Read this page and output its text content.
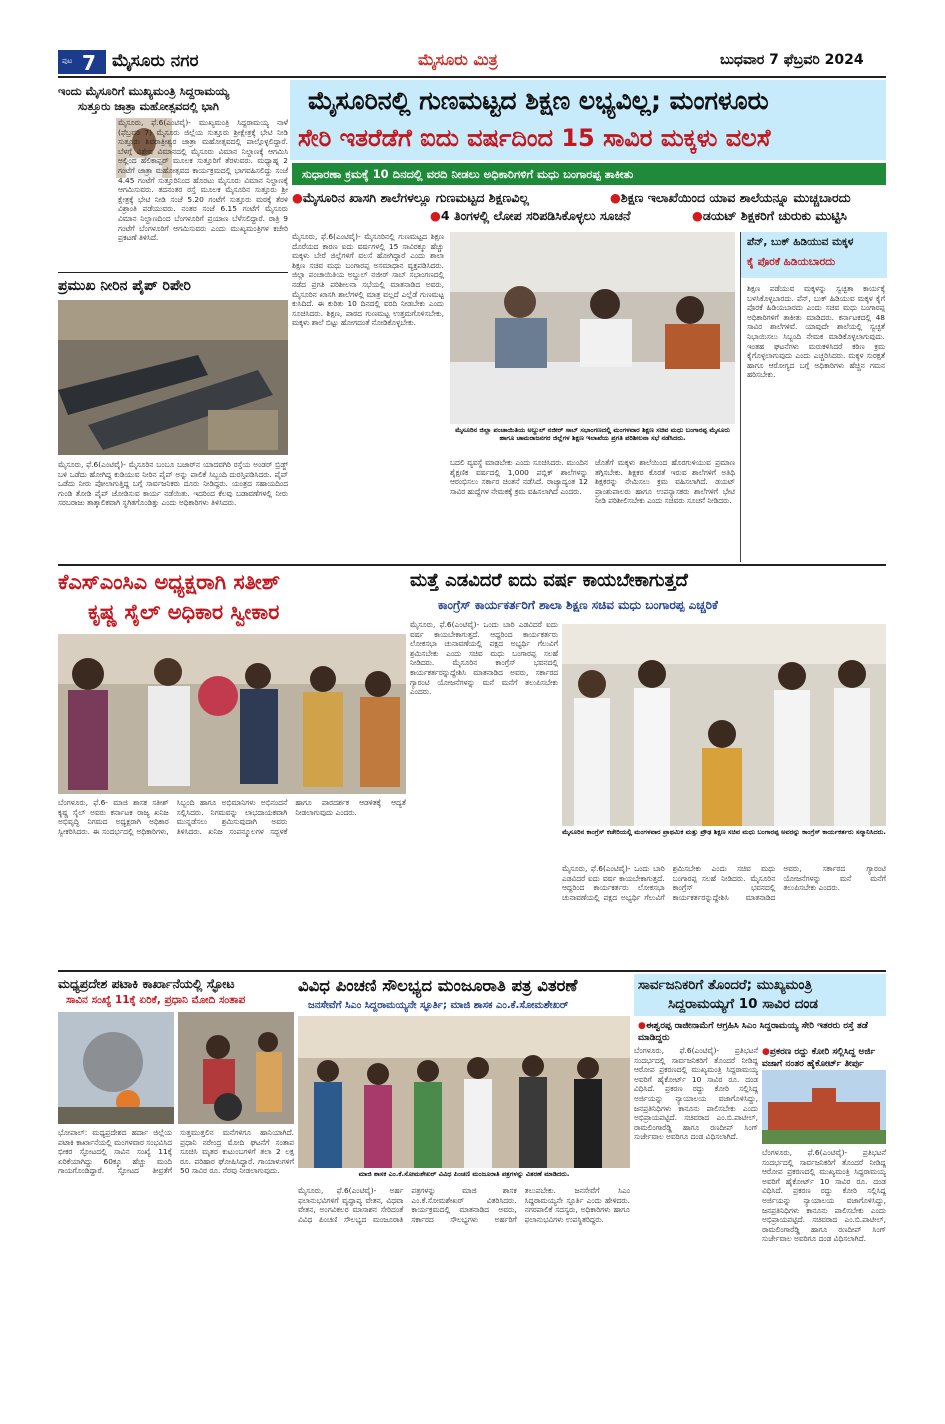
ಪುಟ 7 ಮೈಸೂರು ನಗರ	ಮೈಸೂರು ಮಿತ್ರ	ಬುಧವಾರ 7 ಫೆಬ್ರವರಿ 2024
ಇಂದು ಮೈಸೂರಿಗೆ ಮುಖ್ಯಮಂತ್ರಿ ಸಿದ್ದರಾಮಯ್ಯ
ಸುತ್ತೂರು ಜಾತ್ರಾ ಮಹೋತ್ಸವದಲ್ಲಿ ಭಾಗಿ
ಮೈಸೂರು, ಫೆ.6(ಎಂಟಿವೈ)- ಮುಖ್ಯಮಂತ್ರಿ ಸಿದ್ದರಾಮಯ್ಯ ನಾಳೆ (ಫೆಬ್ರವರಿ 7) ಮೈಸೂರು ಜಿಲ್ಲೆಯ ಸುತ್ತೂರು ಶ್ರೀಕ್ಷೇತ್ರಕ್ಕೆ ಭೇಟಿ ನೀಡಿ ಸುತ್ತೂರು ಶಿವರಾತ್ರೀಶ್ವರ ಜಾತ್ರಾ ಮಹೋತ್ಸವದಲ್ಲಿ ಪಾಲ್ಗೊಳ್ಳಲಿದ್ದಾರೆ. ಬೆಳಗ್ಗೆ ವಿಶೇಷ ವಿಮಾನದಲ್ಲಿ ಮೈಸೂರು ವಿಮಾನ ನಿಲ್ದಾಣಕ್ಕೆ ಆಗಮಿಸಿ ಅಲ್ಲಿಂದ ಹೆಲಿಕಾಪ್ಟರ್ ಮೂಲಕ ಸುತ್ತೂರಿಗೆ ತೆರಳುವರು. ಮಧ್ಯಾಹ್ನ 2 ಗಂಟೆಗೆ ಜಾತ್ರಾ ಮಹೋತ್ಸವದ ಕಾರ್ಯಕ್ರಮದಲ್ಲಿ ಭಾಗವಹಿಸಲಿದ್ದು ಸಂಜೆ 4.45 ಗಂಟೆಗೆ ಸುತ್ತೂರಿನಿಂದ ಹೊರಟು ಮೈಸೂರು ವಿಮಾನ ನಿಲ್ದಾಣಕ್ಕೆ ಆಗಮಿಸುವರು. ತದನಂತರ ರಸ್ತೆ ಮೂಲಕ ಮೈಸೂರಿನ ಸುತ್ತೂರು ಶ್ರೀ ಕ್ಷೇತ್ರಕ್ಕೆ ಭೇಟಿ ನೀಡಿ ಸಂಜೆ 5.20 ಗಂಟೆಗೆ ಸುತ್ತೂರು ಮಠಕ್ಕೆ ತೆರಳಿ ವಿಶ್ರಾಂತಿ ಪಡೆಯುವರು. ನಂತರ ಸಂಜೆ 6.15 ಗಂಟೆಗೆ ಮೈಸೂರು ವಿಮಾನ ನಿಲ್ದಾಣದಿಂದ ಬೆಂಗಳೂರಿಗೆ ಪ್ರಯಾಣ ಬೆಳೆಸಲಿದ್ದಾರೆ. ರಾತ್ರಿ 9 ಗಂಟೆಗೆ ಬೆಂಗಳೂರಿಗೆ ಆಗಮಿಸುವರು ಎಂದು ಮುಖ್ಯಮಂತ್ರಿಗಳ ಕಚೇರಿ ಪ್ರಕಟಣೆ ತಿಳಿಸಿದೆ.
ಪ್ರಮುಖ ನೀರಿನ ಪೈಪ್ ರಿಪೇರಿ
ಮೈಸೂರು, ಫೆ.6(ಎಂಟಿವೈ)- ಮೈಸೂರಿನ ಬಂಬೂ ಬಜಾರ್‌ನ ಯಾದವಗಿರಿ ರಸ್ತೆಯ ಅಂಡರ್ ಬ್ರಿಡ್ಜ್ ಬಳಿ ಒಡೆದು ಹೋಗಿದ್ದ ಕುಡಿಯುವ ನೀರಿನ ಪೈಪ್ ಅನ್ನು ಪಾಲಿಕೆ ಸಿಬ್ಬಂದಿ ದುರಸ್ತಿಪಡಿಸಿದರು. ಪೈಪ್ ಒಡೆದು ನೀರು ಪೋಲಾಗುತ್ತಿದ್ದ ಬಗ್ಗೆ ಸಾರ್ವಜನಿಕರು ದೂರು ನೀಡಿದ್ದರು. ಯಂತ್ರದ ಸಹಾಯದಿಂದ ಗುಂಡಿ ತೋಡಿ ಪೈಪ್ ಜೋಡಿಸುವ ಕಾರ್ಯ ನಡೆಯಿತು. ಇದರಿಂದ ಕೆಲವು ಬಡಾವಣೆಗಳಲ್ಲಿ ನೀರು ಸರಬರಾಜು ತಾತ್ಕಾಲಿಕವಾಗಿ ಸ್ಥಗಿತಗೊಂಡಿತ್ತು ಎಂದು ಅಧಿಕಾರಿಗಳು ತಿಳಿಸಿದರು.
ಮೈಸೂರಿನಲ್ಲಿ ಗುಣಮಟ್ಟದ ಶಿಕ್ಷಣ ಲಭ್ಯವಿಲ್ಲ; ಮಂಗಳೂರು
ಸೇರಿ ಇತರೆಡೆಗೆ ಐದು ವರ್ಷದಿಂದ 15 ಸಾವಿರ ಮಕ್ಕಳು ವಲಸೆ
ಸುಧಾರಣಾ ಕ್ರಮಕ್ಕೆ 10 ದಿನದಲ್ಲಿ ವರದಿ ನೀಡಲು ಅಧಿಕಾರಿಗಳಿಗೆ ಮಧು ಬಂಗಾರಪ್ಪ ತಾಕೀತು
●ಮೈಸೂರಿನ ಖಾಸಗಿ ಶಾಲೆಗಳಲ್ಲೂ ಗುಣಮಟ್ಟದ ಶಿಕ್ಷಣವಿಲ್ಲ	●ಶಿಕ್ಷಣ ಇಲಾಖೆಯಿಂದ ಯಾವ ಶಾಲೆಯನ್ನೂ ಮುಚ್ಚಬಾರದು
●4 ತಿಂಗಳಲ್ಲಿ ಲೋಪ ಸರಿಪಡಿಸಿಕೊಳ್ಳಲು ಸೂಚನೆ	●ಡಯಟ್ ಶಿಕ್ಷಕರಿಗೆ ಚುರುಕು ಮುಟ್ಟಿಸಿ
ಮೈಸೂರು, ಫೆ.6(ಎಂಟಿವೈ)- ಮೈಸೂರಿನಲ್ಲಿ ಗುಣಮಟ್ಟದ ಶಿಕ್ಷಣ ದೊರೆಯದ ಕಾರಣ ಐದು ವರ್ಷಗಳಲ್ಲಿ 15 ಸಾವಿರಕ್ಕೂ ಹೆಚ್ಚು ಮಕ್ಕಳು ಬೇರೆ ಜಿಲ್ಲೆಗಳಿಗೆ ವಲಸೆ ಹೋಗಿದ್ದಾರೆ ಎಂದು ಶಾಲಾ ಶಿಕ್ಷಣ ಸಚಿವ ಮಧು ಬಂಗಾರಪ್ಪ ಅಸಮಾಧಾನ ವ್ಯಕ್ತಪಡಿಸಿದರು. ಜಿಲ್ಲಾ ಪಂಚಾಯಿತಿಯ ಅಬ್ದುಲ್ ನಜೀರ್ ಸಾಬ್ ಸಭಾಂಗಣದಲ್ಲಿ ನಡೆದ ಪ್ರಗತಿ ಪರಿಶೀಲನಾ ಸಭೆಯಲ್ಲಿ ಮಾತನಾಡಿದ ಅವರು, ಮೈಸೂರಿನ ಖಾಸಗಿ ಶಾಲೆಗಳಲ್ಲಿ ಮಾತ್ರ ವಲ್ಲದೆ ಎಲ್ಲೆಡೆ ಗುಣಮಟ್ಟ ಕುಸಿದಿದೆ. ಈ ಕುರಿತು 10 ದಿನದಲ್ಲಿ ವರದಿ ನೀಡಬೇಕು ಎಂದು ಸೂಚಿಸಿದರು. ಶಿಕ್ಷಣ, ಪಾಠದ ಗುಣಮಟ್ಟ ಉತ್ತಮಗೊಳಿಸಬೇಕು, ಮಕ್ಕಳು ಶಾಲೆ ಬಿಟ್ಟು ಹೋಗದಂತೆ ನೋಡಿಕೊಳ್ಳಬೇಕು.
ಮೈಸೂರಿನ ಜಿಲ್ಲಾ ಪಂಚಾಯಿತಿಯ ಅಬ್ದುಲ್ ನಜೀರ್ ಸಾಬ್ ಸಭಾಂಗಣದಲ್ಲಿ ಮಂಗಳವಾರ ಶಿಕ್ಷಣ ಸಚಿವ ಮಧು ಬಂಗಾರಪ್ಪ ಮೈಸೂರು ಹಾಗೂ ಚಾಮರಾಜನಗರ ಜಿಲ್ಲೆಗಳ ಶಿಕ್ಷಣ ಇಲಾಖೆಯ ಪ್ರಗತಿ ಪರಿಶೀಲನಾ ಸಭೆ ನಡೆಸಿದರು.
ಬದಲಿ ವ್ಯವಸ್ಥೆ ಮಾಡಬೇಕು ಎಂದು ಸೂಚಿಸಿದರು. ಮುಂದಿನ ಶೈಕ್ಷಣಿಕ ವರ್ಷದಲ್ಲಿ 1,000 ಪಬ್ಲಿಕ್ ಶಾಲೆಗಳನ್ನು ಆರಂಭಿಸಲು ಸರ್ಕಾರ ಚಿಂತನೆ ನಡೆಸಿದೆ. ರಾಜ್ಯಾದ್ಯಂತ 12 ಸಾವಿರ ಹುದ್ದೆಗಳ ನೇಮಕಕ್ಕೆ ಕ್ರಮ ವಹಿಸಲಾಗಿದೆ ಎಂದರು.
ಜೊತೆಗೆ ಮಕ್ಕಳು ಶಾಲೆಯಿಂದ ಹೊರಗುಳಿಯುವ ಪ್ರಮಾಣ ತಗ್ಗಿಸಬೇಕು. ಶಿಕ್ಷಕರ ಕೊರತೆ ಇರುವ ಶಾಲೆಗಳಿಗೆ ಅತಿಥಿ ಶಿಕ್ಷಕರನ್ನು ನೇಮಿಸಲು ಕ್ರಮ ವಹಿಸಲಾಗಿದೆ. ಡಯಟ್ ಪ್ರಾಂಶುಪಾಲರು ಹಾಗೂ ಉಪನ್ಯಾಸಕರು ಶಾಲೆಗಳಿಗೆ ಭೇಟಿ ನೀಡಿ ಪರಿಶೀಲಿಸಬೇಕು ಎಂದು ಸಚಿವರು ಸೂಚನೆ ನೀಡಿದರು.
ಪೆನ್, ಬುಕ್ ಹಿಡಿಯುವ ಮಕ್ಕಳ
ಕೈ ಪೊರಕೆ ಹಿಡಿಯಬಾರದು
ಶಿಕ್ಷಣ ಪಡೆಯುವ ಮಕ್ಕಳನ್ನು ಸ್ವಚ್ಛತಾ ಕಾರ್ಯಕ್ಕೆ ಬಳಸಿಕೊಳ್ಳಬಾರದು. ಪೆನ್, ಬುಕ್ ಹಿಡಿಯುವ ಮಕ್ಕಳ ಕೈಗೆ ಪೊರಕೆ ಹಿಡಿಯಬಾರದು ಎಂದು ಸಚಿವ ಮಧು ಬಂಗಾರಪ್ಪ ಅಧಿಕಾರಿಗಳಿಗೆ ತಾಕೀತು ಮಾಡಿದರು. ಕರ್ನಾಟಕದಲ್ಲಿ 48 ಸಾವಿರ ಶಾಲೆಗಳಿವೆ. ಯಾವುದೇ ಶಾಲೆಯಲ್ಲಿ ಸ್ವಚ್ಛತೆ ನಿಭಾಯಿಸಲು ಸಿಬ್ಬಂದಿ ನೇಮಕ ಮಾಡಿಕೊಳ್ಳಲಾಗುವುದು. ಇಂತಹ ಘಟನೆಗಳು ಮರುಕಳಿಸಿದರೆ ಕಠಿಣ ಕ್ರಮ ಕೈಗೊಳ್ಳಲಾಗುವುದು ಎಂದು ಎಚ್ಚರಿಸಿದರು. ಮಕ್ಕಳ ಸುರಕ್ಷತೆ ಹಾಗೂ ಆರೋಗ್ಯದ ಬಗ್ಗೆ ಅಧಿಕಾರಿಗಳು ಹೆಚ್ಚಿನ ಗಮನ ಹರಿಸಬೇಕು.
ಕೆಎಸ್‌ಎಂಸಿಎ ಅಧ್ಯಕ್ಷರಾಗಿ ಸತೀಶ್
ಕೃಷ್ಣ ಸೈಲ್ ಅಧಿಕಾರ ಸ್ವೀಕಾರ
ಬೆಂಗಳೂರು, ಫೆ.6- ಮಾಜಿ ಶಾಸಕ ಸತೀಶ್ ಕೃಷ್ಣ ಸೈಲ್ ಅವರು ಕರ್ನಾಟಕ ರಾಜ್ಯ ಖನಿಜ ಅಭಿವೃದ್ಧಿ ನಿಗಮದ ಅಧ್ಯಕ್ಷರಾಗಿ ಅಧಿಕಾರ ಸ್ವೀಕರಿಸಿದರು. ಈ ಸಂದರ್ಭದಲ್ಲಿ ಅಧಿಕಾರಿಗಳು, ಸಿಬ್ಬಂದಿ ಹಾಗೂ ಅಭಿಮಾನಿಗಳು ಅಭಿನಂದನೆ ಸಲ್ಲಿಸಿದರು. ನಿಗಮವನ್ನು ಲಾಭದಾಯಕವಾಗಿ ಮುನ್ನಡೆಸಲು ಶ್ರಮಿಸುವುದಾಗಿ ಅವರು ತಿಳಿಸಿದರು. ಖನಿಜ ಸಂಪನ್ಮೂಲಗಳ ಸದ್ಬಳಕೆ ಹಾಗೂ ಪಾರದರ್ಶಕ ಆಡಳಿತಕ್ಕೆ ಆದ್ಯತೆ ನೀಡಲಾಗುವುದು ಎಂದರು.
ಮತ್ತೆ ಎಡವಿದರೆ ಐದು ವರ್ಷ ಕಾಯಬೇಕಾಗುತ್ತದೆ
ಕಾಂಗ್ರೆಸ್ ಕಾರ್ಯಕರ್ತರಿಗೆ ಶಾಲಾ ಶಿಕ್ಷಣ ಸಚಿವ ಮಧು ಬಂಗಾರಪ್ಪ ಎಚ್ಚರಿಕೆ
ಮೈಸೂರು, ಫೆ.6(ಎಂಟಿವೈ)- ಒಂದು ಬಾರಿ ಎಡವಿದರೆ ಐದು ವರ್ಷ ಕಾಯಬೇಕಾಗುತ್ತದೆ. ಆದ್ದರಿಂದ ಕಾರ್ಯಕರ್ತರು ಲೋಕಸಭಾ ಚುನಾವಣೆಯಲ್ಲಿ ಪಕ್ಷದ ಅಭ್ಯರ್ಥಿ ಗೆಲುವಿಗೆ ಶ್ರಮಿಸಬೇಕು ಎಂದು ಸಚಿವ ಮಧು ಬಂಗಾರಪ್ಪ ಸಲಹೆ ನೀಡಿದರು. ಮೈಸೂರಿನ ಕಾಂಗ್ರೆಸ್ ಭವನದಲ್ಲಿ ಕಾರ್ಯಕರ್ತರನ್ನುದ್ದೇಶಿಸಿ ಮಾತನಾಡಿದ ಅವರು, ಸರ್ಕಾರದ ಗ್ಯಾರಂಟಿ ಯೋಜನೆಗಳನ್ನು ಮನೆ ಮನೆಗೆ ತಲುಪಿಸಬೇಕು ಎಂದರು.
ಮೈಸೂರಿನ ಕಾಂಗ್ರೆಸ್ ಕಚೇರಿಯಲ್ಲಿ ಮಂಗಳವಾರ ಪ್ರಾಥಮಿಕ ಮತ್ತು ಪ್ರೌಢ ಶಿಕ್ಷಣ ಸಚಿವ ಮಧು ಬಂಗಾರಪ್ಪ ಅವರನ್ನು ಕಾಂಗ್ರೆಸ್ ಕಾರ್ಯಕರ್ತರು ಸನ್ಮಾನಿಸಿದರು.
ಮೈಸೂರು, ಫೆ.6(ಎಂಟಿವೈ)- ಒಂದು ಬಾರಿ ಎಡವಿದರೆ ಐದು ವರ್ಷ ಕಾಯಬೇಕಾಗುತ್ತದೆ. ಆದ್ದರಿಂದ ಕಾರ್ಯಕರ್ತರು ಲೋಕಸಭಾ ಚುನಾವಣೆಯಲ್ಲಿ ಪಕ್ಷದ ಅಭ್ಯರ್ಥಿ ಗೆಲುವಿಗೆ ಶ್ರಮಿಸಬೇಕು ಎಂದು ಸಚಿವ ಮಧು ಬಂಗಾರಪ್ಪ ಸಲಹೆ ನೀಡಿದರು. ಮೈಸೂರಿನ ಕಾಂಗ್ರೆಸ್ ಭವನದಲ್ಲಿ ಕಾರ್ಯಕರ್ತರನ್ನುದ್ದೇಶಿಸಿ ಮಾತನಾಡಿದ ಅವರು, ಸರ್ಕಾರದ ಗ್ಯಾರಂಟಿ ಯೋಜನೆಗಳನ್ನು ಮನೆ ಮನೆಗೆ ತಲುಪಿಸಬೇಕು ಎಂದರು.
ಮಧ್ಯಪ್ರದೇಶ ಪಟಾಕಿ ಕಾರ್ಖಾನೆಯಲ್ಲಿ ಸ್ಫೋಟ
ಸಾವಿನ ಸಂಖ್ಯೆ 11ಕ್ಕೆ ಏರಿಕೆ, ಪ್ರಧಾನಿ ಮೋದಿ ಸಂತಾಪ
ಭೋಪಾಲ್: ಮಧ್ಯಪ್ರದೇಶದ ಹರ್ದಾ ಜಿಲ್ಲೆಯ ಪಟಾಕಿ ಕಾರ್ಖಾನೆಯಲ್ಲಿ ಮಂಗಳವಾರ ಸಂಭವಿಸಿದ ಭೀಕರ ಸ್ಫೋಟದಲ್ಲಿ ಸಾವಿನ ಸಂಖ್ಯೆ 11ಕ್ಕೆ ಏರಿಕೆಯಾಗಿದ್ದು 60ಕ್ಕೂ ಹೆಚ್ಚು ಮಂದಿ ಗಾಯಗೊಂಡಿದ್ದಾರೆ. ಸ್ಫೋಟದ ತೀವ್ರತೆಗೆ ಸುತ್ತಮುತ್ತಲಿನ ಮನೆಗಳಿಗೂ ಹಾನಿಯಾಗಿದೆ. ಪ್ರಧಾನಿ ನರೇಂದ್ರ ಮೋದಿ ಘಟನೆಗೆ ಸಂತಾಪ ಸೂಚಿಸಿ ಮೃತರ ಕುಟುಂಬಗಳಿಗೆ ತಲಾ 2 ಲಕ್ಷ ರೂ. ಪರಿಹಾರ ಘೋಷಿಸಿದ್ದಾರೆ. ಗಾಯಾಳುಗಳಿಗೆ 50 ಸಾವಿರ ರೂ. ನೆರವು ನೀಡಲಾಗುವುದು.
ವಿವಿಧ ಪಿಂಚಣಿ ಸೌಲಭ್ಯದ ಮಂಜೂರಾತಿ ಪತ್ರ ವಿತರಣೆ
ಜನಸೇವೆಗೆ ಸಿಎಂ ಸಿದ್ದರಾಮಯ್ಯನೇ ಸ್ಫೂರ್ತಿ; ಮಾಜಿ ಶಾಸಕ ಎಂ.ಕೆ.ಸೋಮಶೇಖರ್
ಮಾಜಿ ಶಾಸಕ ಎಂ.ಕೆ.ಸೋಮಶೇಖರ್ ವಿವಿಧ ಪಿಂಚಣಿ ಮಂಜೂರಾತಿ ಪತ್ರಗಳನ್ನು ವಿತರಣೆ ಮಾಡಿದರು.
ಮೈಸೂರು, ಫೆ.6(ಎಂಟಿವೈ)- ಅರ್ಹ ಫಲಾನುಭವಿಗಳಿಗೆ ವೃದ್ಧಾಪ್ಯ ವೇತನ, ವಿಧವಾ ವೇತನ, ಅಂಗವಿಕಲರ ಮಾಸಾಶನ ಸೇರಿದಂತೆ ವಿವಿಧ ಪಿಂಚಣಿ ಸೌಲಭ್ಯದ ಮಂಜೂರಾತಿ ಪತ್ರಗಳನ್ನು ಮಾಜಿ ಶಾಸಕ ಎಂ.ಕೆ.ಸೋಮಶೇಖರ್ ವಿತರಿಸಿದರು. ಕಾರ್ಯಕ್ರಮದಲ್ಲಿ ಮಾತನಾಡಿದ ಅವರು, ಸರ್ಕಾರದ ಸೌಲಭ್ಯಗಳು ಅರ್ಹರಿಗೆ ತಲುಪಬೇಕು. ಜನಸೇವೆಗೆ ಸಿಎಂ ಸಿದ್ದರಾಮಯ್ಯನೇ ಸ್ಫೂರ್ತಿ ಎಂದು ಹೇಳಿದರು. ನಗರಪಾಲಿಕೆ ಸದಸ್ಯರು, ಅಧಿಕಾರಿಗಳು ಹಾಗೂ ಫಲಾನುಭವಿಗಳು ಉಪಸ್ಥಿತರಿದ್ದರು.
ಸಾರ್ವಜನಿಕರಿಗೆ ತೊಂದರೆ; ಮುಖ್ಯಮಂತ್ರಿ
ಸಿದ್ದರಾಮಯ್ಯಗೆ 10 ಸಾವಿರ ದಂಡ
●ಈಶ್ವರಪ್ಪ ರಾಜೀನಾಮೆಗೆ ಆಗ್ರಹಿಸಿ ಸಿಎಂ ಸಿದ್ದರಾಮಯ್ಯ ಸೇರಿ ಇತರರು ರಸ್ತೆ ತಡೆ ಮಾಡಿದ್ದರು
●ಪ್ರಕರಣ ರದ್ದು ಕೋರಿ ಸಲ್ಲಿಸಿದ್ದ ಅರ್ಜಿ ವಜಾಗೆ ನಂತರ ಹೈಕೋರ್ಟ್ ತೀರ್ಪು
ಬೆಂಗಳೂರು, ಫೆ.6(ಎಂಟಿವೈ)- ಪ್ರತಿಭಟನೆ ಸಂದರ್ಭದಲ್ಲಿ ಸಾರ್ವಜನಿಕರಿಗೆ ತೊಂದರೆ ನೀಡಿದ್ದ ಆರೋಪ ಪ್ರಕರಣದಲ್ಲಿ ಮುಖ್ಯಮಂತ್ರಿ ಸಿದ್ದರಾಮಯ್ಯ ಅವರಿಗೆ ಹೈಕೋರ್ಟ್ 10 ಸಾವಿರ ರೂ. ದಂಡ ವಿಧಿಸಿದೆ. ಪ್ರಕರಣ ರದ್ದು ಕೋರಿ ಸಲ್ಲಿಸಿದ್ದ ಅರ್ಜಿಯನ್ನು ನ್ಯಾಯಾಲಯ ವಜಾಗೊಳಿಸಿದ್ದು, ಜನಪ್ರತಿನಿಧಿಗಳು ಕಾನೂನು ಪಾಲಿಸಬೇಕು ಎಂದು ಅಭಿಪ್ರಾಯಪಟ್ಟಿದೆ. ಸಚಿವರಾದ ಎಂ.ಬಿ.ಪಾಟೀಲ್, ರಾಮಲಿಂಗಾರೆಡ್ಡಿ ಹಾಗೂ ರಣದೀಪ್ ಸಿಂಗ್ ಸುರ್ಜೇವಾಲ ಅವರಿಗೂ ದಂಡ ವಿಧಿಸಲಾಗಿದೆ.
ಬೆಂಗಳೂರು, ಫೆ.6(ಎಂಟಿವೈ)- ಪ್ರತಿಭಟನೆ ಸಂದರ್ಭದಲ್ಲಿ ಸಾರ್ವಜನಿಕರಿಗೆ ತೊಂದರೆ ನೀಡಿದ್ದ ಆರೋಪ ಪ್ರಕರಣದಲ್ಲಿ ಮುಖ್ಯಮಂತ್ರಿ ಸಿದ್ದರಾಮಯ್ಯ ಅವರಿಗೆ ಹೈಕೋರ್ಟ್ 10 ಸಾವಿರ ರೂ. ದಂಡ ವಿಧಿಸಿದೆ. ಪ್ರಕರಣ ರದ್ದು ಕೋರಿ ಸಲ್ಲಿಸಿದ್ದ ಅರ್ಜಿಯನ್ನು ನ್ಯಾಯಾಲಯ ವಜಾಗೊಳಿಸಿದ್ದು, ಜನಪ್ರತಿನಿಧಿಗಳು ಕಾನೂನು ಪಾಲಿಸಬೇಕು ಎಂದು ಅಭಿಪ್ರಾಯಪಟ್ಟಿದೆ. ಸಚಿವರಾದ ಎಂ.ಬಿ.ಪಾಟೀಲ್, ರಾಮಲಿಂಗಾರೆಡ್ಡಿ ಹಾಗೂ ರಣದೀಪ್ ಸಿಂಗ್ ಸುರ್ಜೇವಾಲ ಅವರಿಗೂ ದಂಡ ವಿಧಿಸಲಾಗಿದೆ.
